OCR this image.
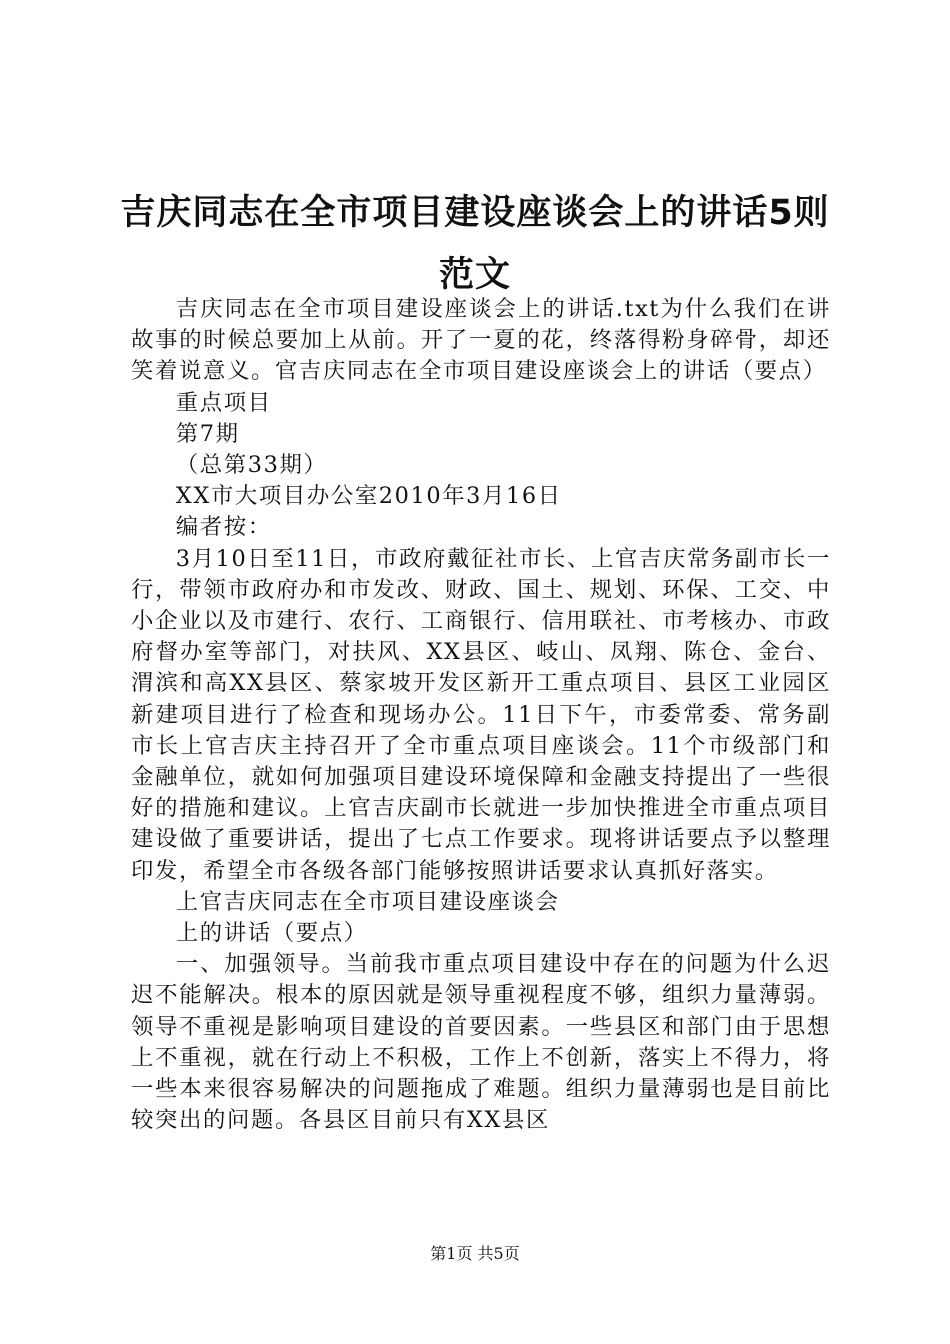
吉庆同志在全市项目建设座谈会上的讲话5则范文

吉庆同志在全市项目建设座谈会上的讲话.txt为什么我们在讲故事的时候总要加上从前。开了一夏的花，终落得粉身碎骨，却还笑着说意义。官吉庆同志在全市项目建设座谈会上的讲话（要点）

重点项目

第7期

（总第33期）

XX市大项目办公室2010年3月16日

编者按：

3月10日至11日，市政府戴征社市长、上官吉庆常务副市长一行，带领市政府办和市发改、财政、国土、规划、环保、工交、中小企业以及市建行、农行、工商银行、信用联社、市考核办、市政府督办室等部门，对扶风、XX县区、岐山、凤翔、陈仓、金台、渭滨和高XX县区、蔡家坡开发区新开工重点项目、县区工业园区新建项目进行了检查和现场办公。11日下午，市委常委、常务副市长上官吉庆主持召开了全市重点项目座谈会。11个市级部门和金融单位，就如何加强项目建设环境保障和金融支持提出了一些很好的措施和建议。上官吉庆副市长就进一步加快推进全市重点项目建设做了重要讲话，提出了七点工作要求。现将讲话要点予以整理印发，希望全市各级各部门能够按照讲话要求认真抓好落实。

上官吉庆同志在全市项目建设座谈会

上的讲话（要点）

一、加强领导。当前我市重点项目建设中存在的问题为什么迟迟不能解决。根本的原因就是领导重视程度不够，组织力量薄弱。领导不重视是影响项目建设的首要因素。一些县区和部门由于思想上不重视，就在行动上不积极，工作上不创新，落实上不得力，将一些本来很容易解决的问题拖成了难题。组织力量薄弱也是目前比较突出的问题。各县区目前只有XX县区

第1页 共5页
